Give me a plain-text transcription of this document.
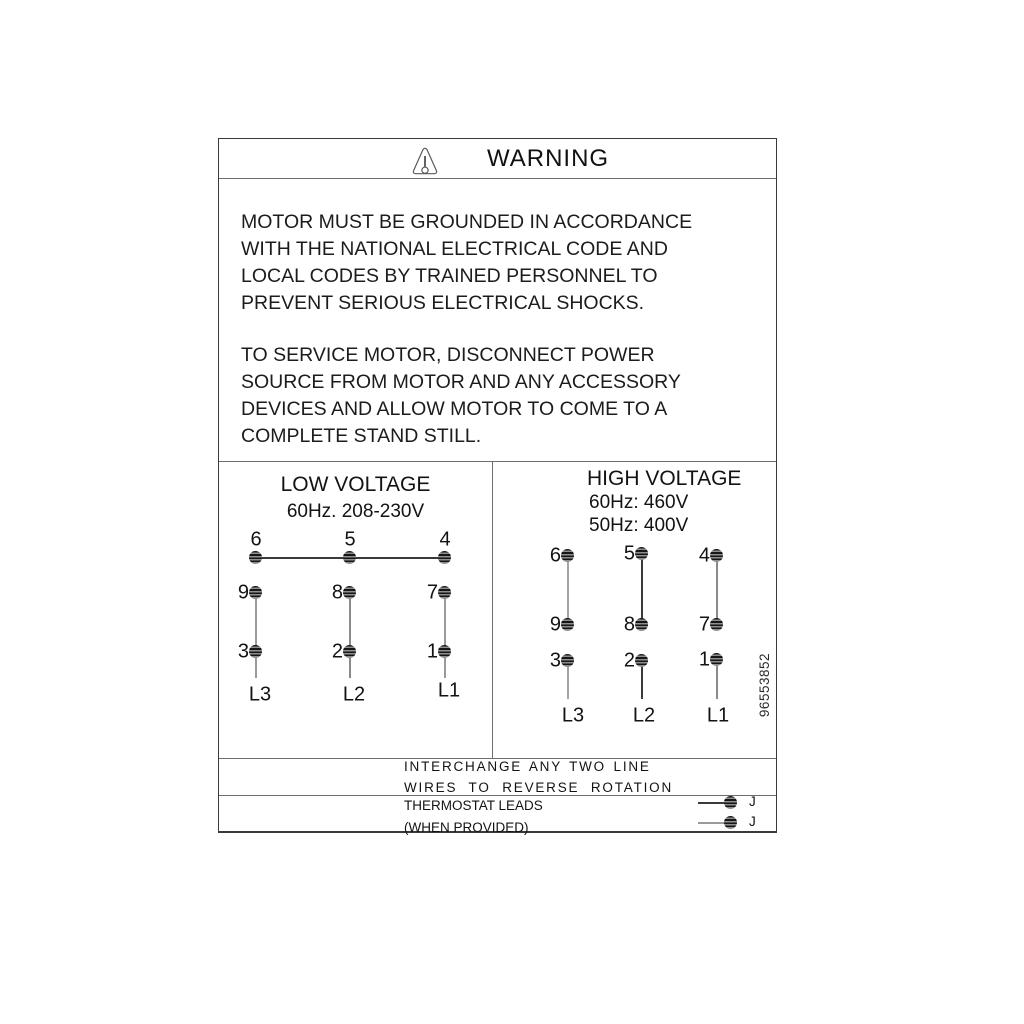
WARNING
MOTOR MUST BE GROUNDED IN ACCORDANCE
WITH THE NATIONAL ELECTRICAL CODE AND
LOCAL CODES BY TRAINED PERSONNEL TO
PREVENT SERIOUS ELECTRICAL SHOCKS.
TO SERVICE MOTOR, DISCONNECT POWER
SOURCE FROM MOTOR AND ANY ACCESSORY
DEVICES AND ALLOW MOTOR TO COME TO A
COMPLETE STAND STILL.
LOW VOLTAGE
60Hz. 208-230V
6	5	4
9	8	7
3	2	1
L3	L2	L1
HIGH VOLTAGE
60Hz: 460V
50Hz: 400V
6	5	4
9	8	7
3	2	1
L3 L2	L1 96553852
INTERCHANGE ANY TWO LINE
WIRES TO REVERSE ROTATION
THERMOSTAT LEADS
(WHEN PROVIDED)
J
J
